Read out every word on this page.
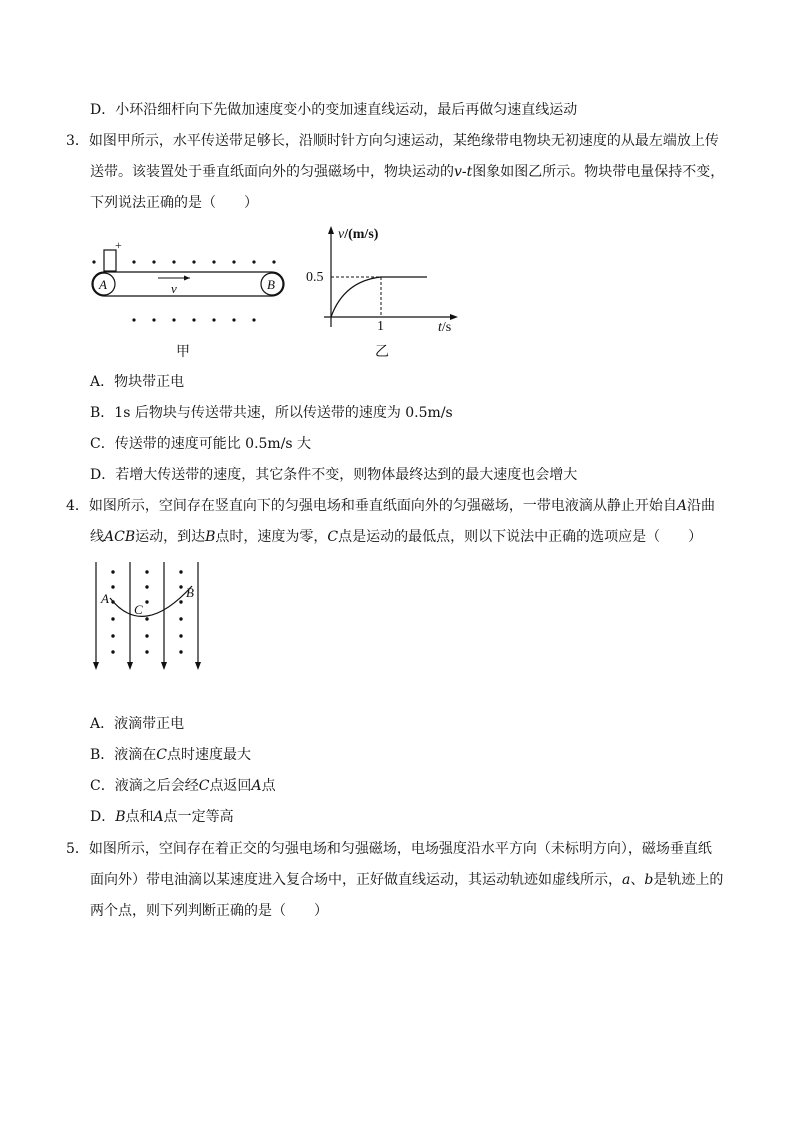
D．小环沿细杆向下先做加速度变小的变加速直线运动，最后再做匀速直线运动
3．如图甲所示，水平传送带足够长，沿顺时针方向匀速运动，某绝缘带电物块无初速度的从最左端放上传
送带。该装置处于垂直纸面向外的匀强磁场中，物块运动的v-t图象如图乙所示。物块带电量保持不变，
下列说法正确的是（　　）
+
A	B
v
甲
v/(m/s)
0.5
1	t/s
乙
A．物块带正电
B．1s 后物块与传送带共速，所以传送带的速度为 0.5m/s
C．传送带的速度可能比 0.5m/s 大
D．若增大传送带的速度，其它条件不变，则物体最终达到的最大速度也会增大
4．如图所示，空间存在竖直向下的匀强电场和垂直纸面向外的匀强磁场，一带电液滴从静止开始自A沿曲
线ACB运动，到达B点时，速度为零，C点是运动的最低点，则以下说法中正确的选项应是（　　）
A	B
C
A．液滴带正电
B．液滴在C点时速度最大
C．液滴之后会经C点返回A点
D．B点和A点一定等高
5．如图所示，空间存在着正交的匀强电场和匀强磁场，电场强度沿水平方向（未标明方向），磁场垂直纸
面向外）带电油滴以某速度进入复合场中，正好做直线运动，其运动轨迹如虚线所示，a、b是轨迹上的
两个点，则下列判断正确的是（　　）
